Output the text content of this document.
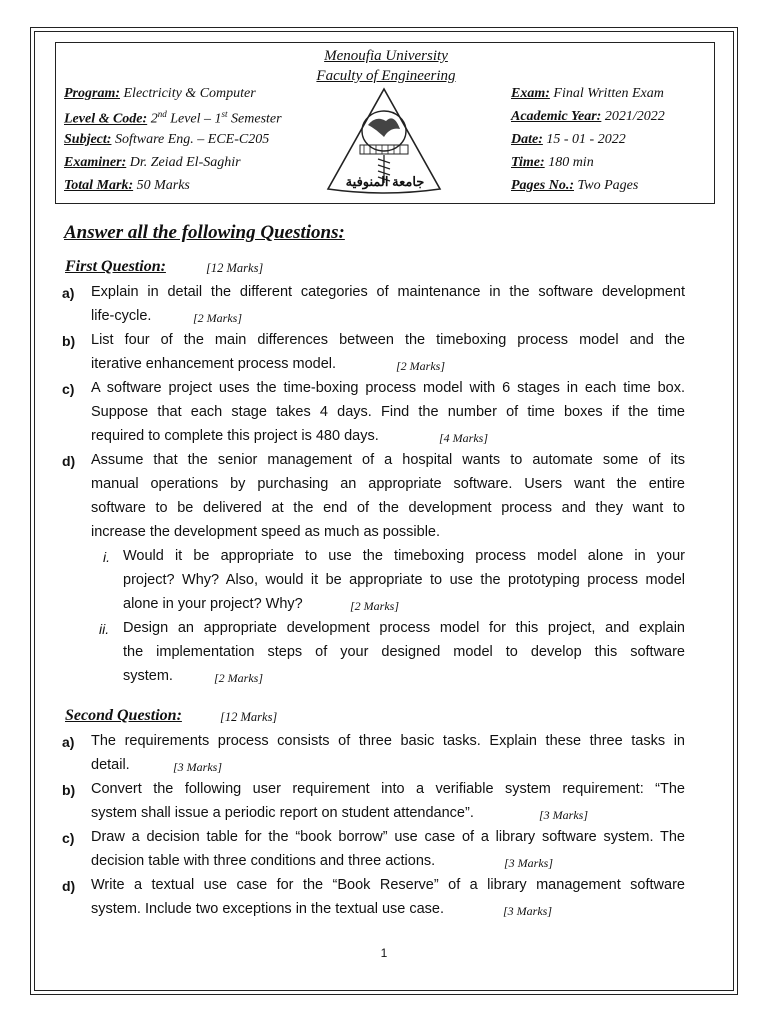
Menoufia University
Faculty of Engineering
Program: Electricity & Computer
Level & Code: 2nd Level – 1st Semester
Subject: Software Eng. – ECE-C205
Examiner: Dr. Zeiad El-Saghir
Total Mark: 50 Marks
Exam: Final Written Exam
Academic Year: 2021/2022
Date: 15 - 01 - 2022
Time: 180 min
Pages No.: Two Pages
جامعة المنوفية
Answer all the following Questions:
First Question:	[12 Marks]
a) Explain in detail the different categories of maintenance in the software development
life-cycle.	[2 Marks]
b) List four of the main differences between the timeboxing process model and the
iterative enhancement process model.	[2 Marks]
c) A software project uses the time-boxing process model with 6 stages in each time box.
Suppose that each stage takes 4 days. Find the number of time boxes if the time
required to complete this project is 480 days.	[4 Marks]
d) Assume that the senior management of a hospital wants to automate some of its
manual operations by purchasing an appropriate software. Users want the entire
software to be delivered at the end of the development process and they want to
increase the development speed as much as possible.
i. Would it be appropriate to use the timeboxing process model alone in your
project? Why? Also, would it be appropriate to use the prototyping process model
alone in your project? Why?	[2 Marks]
ii. Design an appropriate development process model for this project, and explain
the implementation steps of your designed model to develop this software
system.	[2 Marks]
Second Question:	[12 Marks]
a) The requirements process consists of three basic tasks. Explain these three tasks in
detail.	[3 Marks]
b) Convert the following user requirement into a verifiable system requirement: “The
system shall issue a periodic report on student attendance”.	[3 Marks]
c) Draw a decision table for the “book borrow” use case of a library software system. The
decision table with three conditions and three actions.	[3 Marks]
d) Write a textual use case for the “Book Reserve” of a library management software
system. Include two exceptions in the textual use case.	[3 Marks]
1
